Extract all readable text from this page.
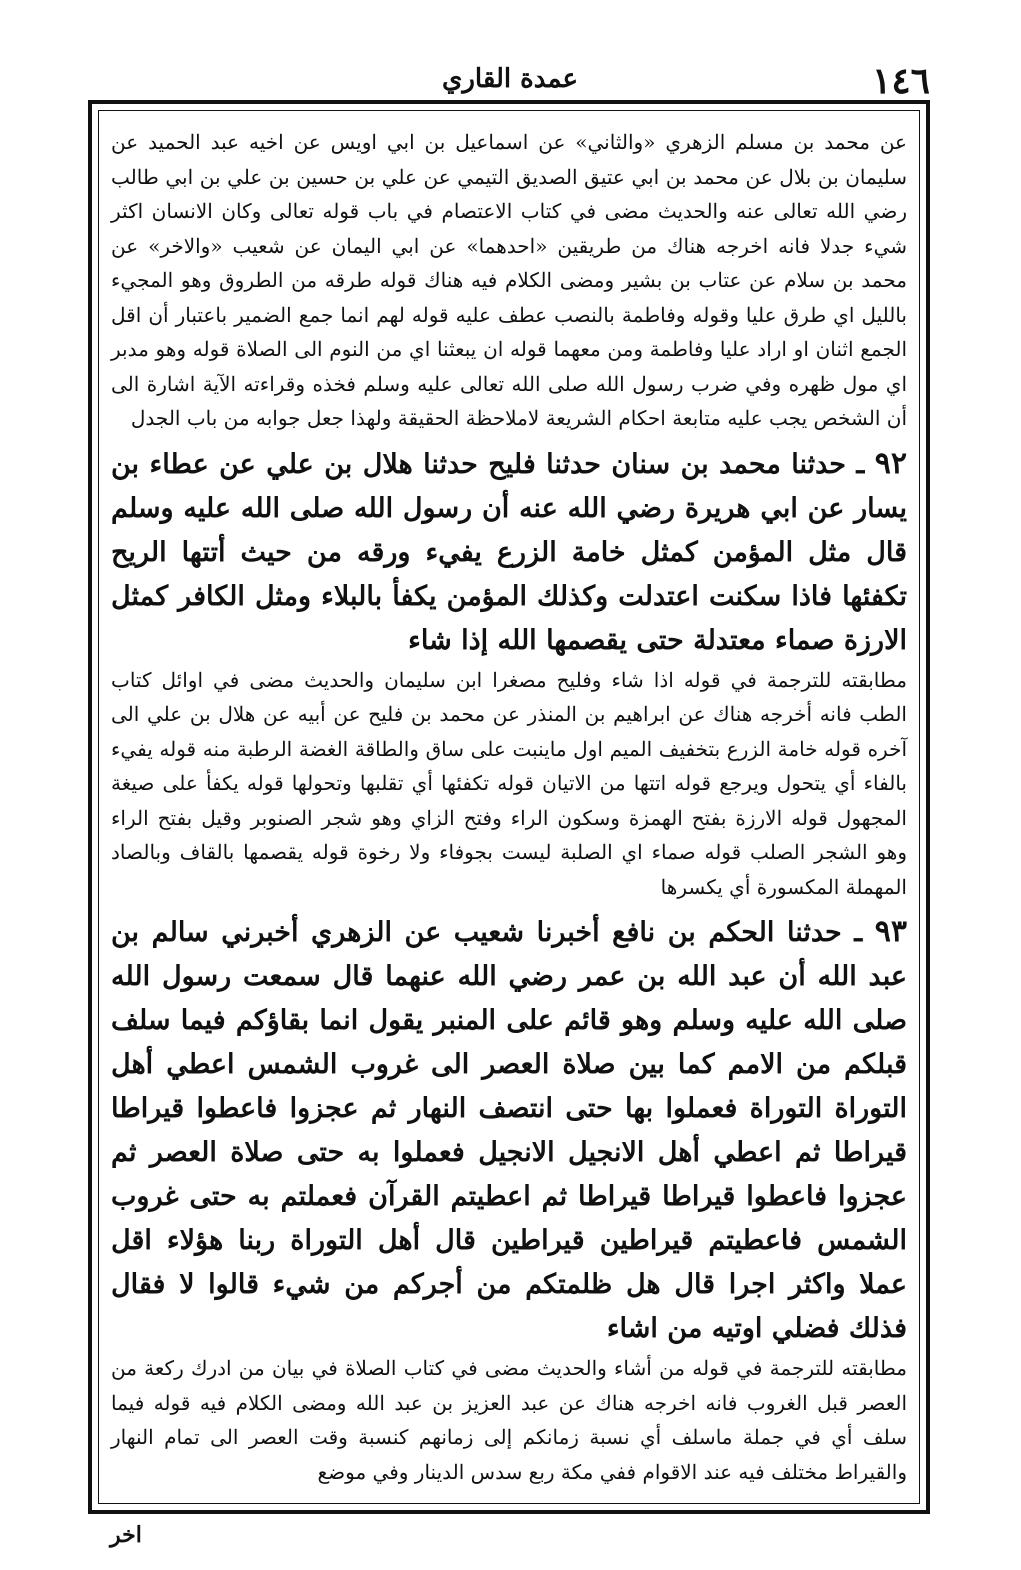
١٤٦
عمدة القاري

عن محمد بن مسلم الزهري «والثاني» عن اسماعيل بن ابي اويس عن اخيه عبد الحميد عن سليمان بن بلال عن محمد بن ابي عتيق الصديق التيمي عن علي بن حسين بن علي بن ابي طالب رضي الله تعالى عنه والحديث مضى في كتاب الاعتصام في باب قوله تعالى وكان الانسان اكثر شيء جدلا فانه اخرجه هناك من طريقين «احدهما» عن ابي اليمان عن شعيب «والاخر» عن محمد بن سلام عن عتاب بن بشير ومضى الكلام فيه هناك قوله طرقه من الطروق وهو المجيء بالليل اي طرق عليا وقوله وفاطمة بالنصب عطف عليه قوله لهم انما جمع الضمير باعتبار أن اقل الجمع اثنان او اراد عليا وفاطمة ومن معهما قوله ان يبعثنا اي من النوم الى الصلاة قوله وهو مدبر اي مول ظهره وفي ضرب رسول الله صلى الله تعالى عليه وسلم فخذه وقراءته الآية اشارة الى أن الشخص يجب عليه متابعة احكام الشريعة لاملاحظة الحقيقة ولهذا جعل جوابه من باب الجدل

٩٢ ـ حدثنا محمد بن سنان حدثنا فليح حدثنا هلال بن علي عن عطاء بن يسار عن ابي هريرة رضي الله عنه أن رسول الله صلى الله عليه وسلم قال مثل المؤمن كمثل خامة الزرع يفيء ورقه من حيث أتتها الريح تكفئها فاذا سكنت اعتدلت وكذلك المؤمن يكفأ بالبلاء ومثل الكافر كمثل الارزة صماء معتدلة حتى يقصمها الله إذا شاء

مطابقته للترجمة في قوله اذا شاء وفليح مصغرا ابن سليمان والحديث مضى في اوائل كتاب الطب فانه أخرجه هناك عن ابراهيم بن المنذر عن محمد بن فليح عن أبيه عن هلال بن علي الى آخره قوله خامة الزرع بتخفيف الميم اول ماينبت على ساق والطاقة الغضة الرطبة منه قوله يفيء بالفاء أي يتحول ويرجع قوله اتتها من الاتيان قوله تكفئها أي تقلبها وتحولها قوله يكفأ على صيغة المجهول قوله الارزة بفتح الهمزة وسكون الراء وفتح الزاي وهو شجر الصنوبر وقيل بفتح الراء وهو الشجر الصلب قوله صماء اي الصلبة ليست بجوفاء ولا رخوة قوله يقصمها بالقاف وبالصاد المهملة المكسورة أي يكسرها

٩٣ ـ حدثنا الحكم بن نافع أخبرنا شعيب عن الزهري أخبرني سالم بن عبد الله أن عبد الله بن عمر رضي الله عنهما قال سمعت رسول الله صلى الله عليه وسلم وهو قائم على المنبر يقول انما بقاؤكم فيما سلف قبلكم من الامم كما بين صلاة العصر الى غروب الشمس اعطي أهل التوراة التوراة فعملوا بها حتى انتصف النهار ثم عجزوا فاعطوا قيراطا قيراطا ثم اعطي أهل الانجيل الانجيل فعملوا به حتى صلاة العصر ثم عجزوا فاعطوا قيراطا قيراطا ثم اعطيتم القرآن فعملتم به حتى غروب الشمس فاعطيتم قيراطين قيراطين قال أهل التوراة ربنا هؤلاء اقل عملا واكثر اجرا قال هل ظلمتكم من أجركم من شيء قالوا لا فقال فذلك فضلي اوتيه من اشاء

مطابقته للترجمة في قوله من أشاء والحديث مضى في كتاب الصلاة في بيان من ادرك ركعة من العصر قبل الغروب فانه اخرجه هناك عن عبد العزيز بن عبد الله ومضى الكلام فيه قوله فيما سلف أي في جملة ماسلف أي نسبة زمانكم إلى زمانهم كنسبة وقت العصر الى تمام النهار والقيراط مختلف فيه عند الاقوام ففي مكة ربع سدس الدينار وفي موضع

اخر
